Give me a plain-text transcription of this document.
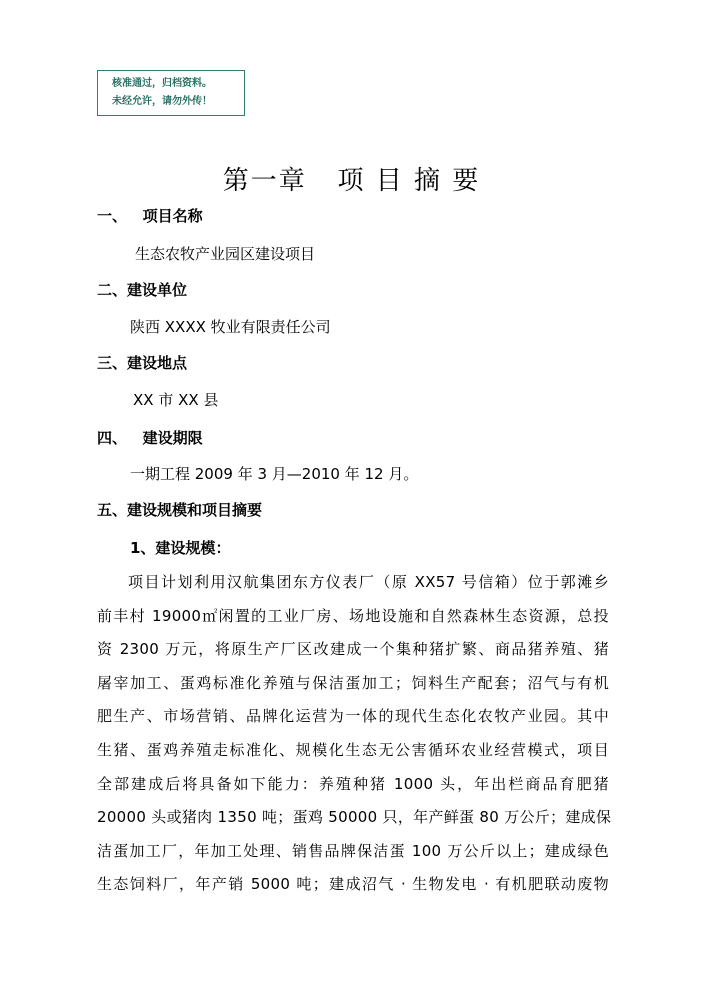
核准通过，归档资料。
未经允许，请勿外传！
第一章   项 目 摘 要
一、   项目名称
生态农牧产业园区建设项目
二、建设单位
陕西 XXXX 牧业有限责任公司
三、建设地点
XX 市 XX 县
四、   建设期限
一期工程 2009 年 3 月—2010 年 12 月。
五、建设规模和项目摘要
1、建设规模：
项目计划利用汉航集团东方仪表厂（原 XX57 号信箱）位于郭滩乡
前丰村 19000㎡闲置的工业厂房、场地设施和自然森林生态资源，总投
资 2300 万元，将原生产厂区改建成一个集种猪扩繁、商品猪养殖、猪
屠宰加工、蛋鸡标准化养殖与保洁蛋加工；饲料生产配套；沼气与有机
肥生产、市场营销、品牌化运营为一体的现代生态化农牧产业园。其中
生猪、蛋鸡养殖走标准化、规模化生态无公害循环农业经营模式，项目
全部建成后将具备如下能力：养殖种猪 1000 头，年出栏商品育肥猪
20000 头或猪肉 1350 吨；蛋鸡 50000 只，年产鲜蛋 80 万公斤；建成保
洁蛋加工厂，年加工处理、销售品牌保洁蛋 100 万公斤以上；建成绿色
生态饲料厂，年产销 5000 吨；建成沼气 · 生物发电 · 有机肥联动废物
